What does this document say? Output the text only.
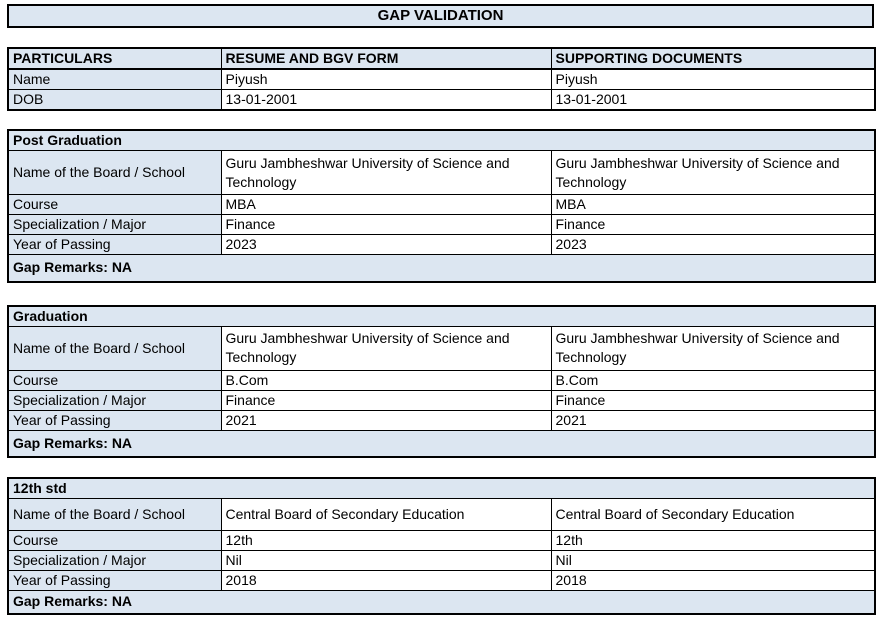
GAP VALIDATION
PARTICULARS	RESUME AND BGV FORM	SUPPORTING DOCUMENTS
Name	Piyush	Piyush
DOB	13-01-2001	13-01-2001
Post Graduation		
Name of the Board / School	Guru Jambheshwar University of Science and Technology	Guru Jambheshwar University of Science and Technology
Course	MBA	MBA
Specialization / Major	Finance	Finance
Year of Passing	2023	2023
Gap Remarks: NA		
Graduation		
Name of the Board / School	Guru Jambheshwar University of Science and Technology	Guru Jambheshwar University of Science and Technology
Course	B.Com	B.Com
Specialization / Major	Finance	Finance
Year of Passing	2021	2021
Gap Remarks: NA		
12th std		
Name of the Board / School	Central Board of Secondary Education	Central Board of Secondary Education
Course	12th	12th
Specialization / Major	Nil	Nil
Year of Passing	2018	2018
Gap Remarks: NA		
